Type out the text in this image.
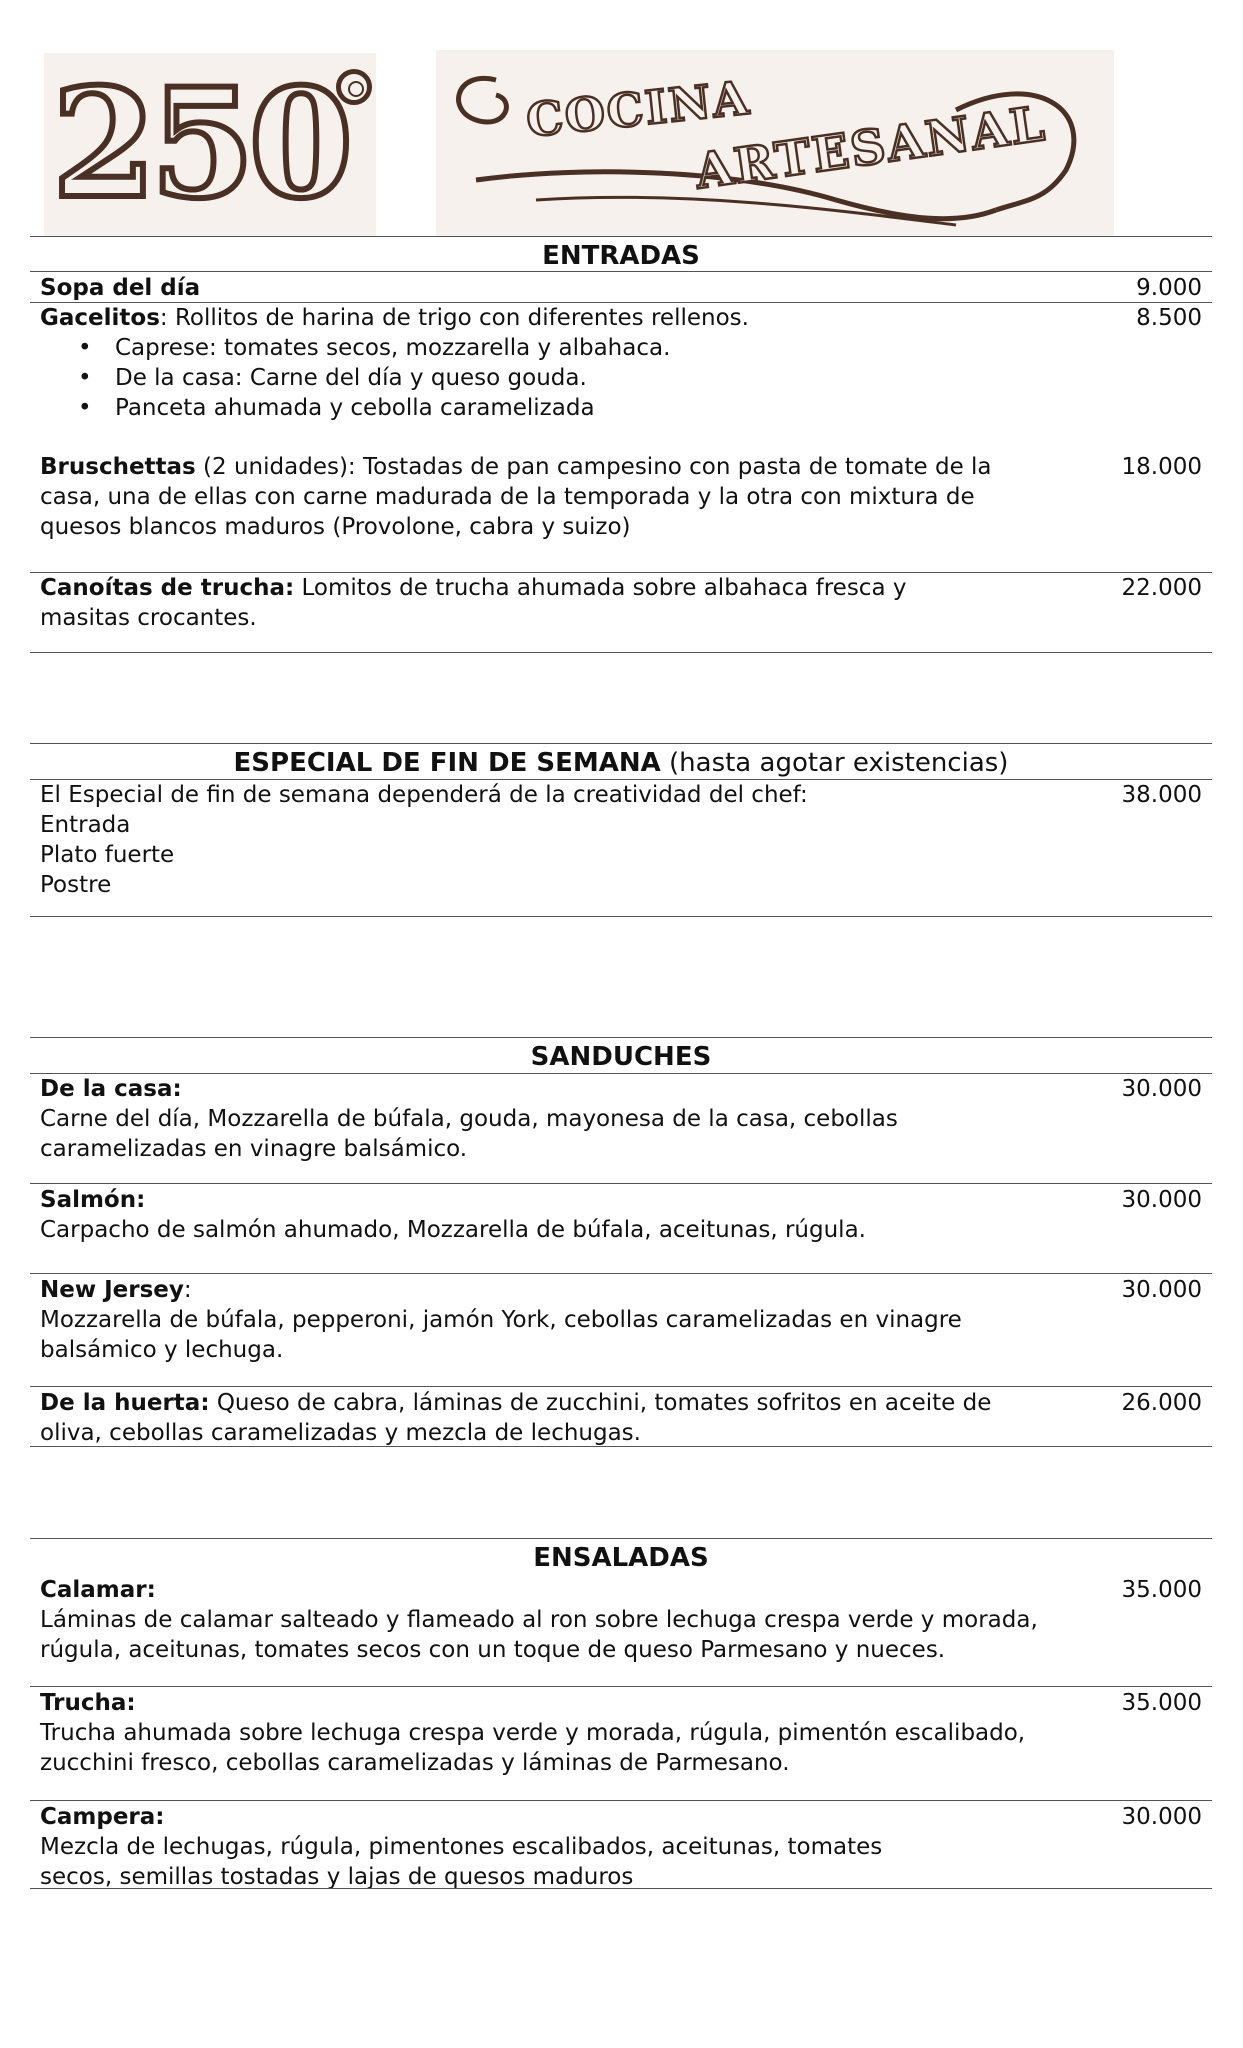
250	COCINA
ARTESANAL
ENTRADAS
Sopa del día	9.000
Gacelitos: Rollitos de harina de trigo con diferentes rellenos.
• Caprese: tomates secos, mozzarella y albahaca.
• De la casa: Carne del día y queso gouda.
• Panceta ahumada y cebolla caramelizada
8.500
Bruschettas (2 unidades): Tostadas de pan campesino con pasta de tomate de la casa, una de ellas con carne madurada de la temporada y la otra con mixtura de quesos blancos maduros (Provolone, cabra y suizo)
18.000
Canoítas de trucha: Lomitos de trucha ahumada sobre albahaca fresca y masitas crocantes.
22.000
ESPECIAL DE FIN DE SEMANA (hasta agotar existencias)
El Especial de fin de semana dependerá de la creatividad del chef:
Entrada
Plato fuerte
Postre
38.000
SANDUCHES
De la casa:
Carne del día, Mozzarella de búfala, gouda, mayonesa de la casa, cebollas caramelizadas en vinagre balsámico.
30.000
Salmón:
Carpacho de salmón ahumado, Mozzarella de búfala, aceitunas, rúgula.
30.000
New Jersey:
Mozzarella de búfala, pepperoni, jamón York, cebollas caramelizadas en vinagre balsámico y lechuga.
30.000
De la huerta: Queso de cabra, láminas de zucchini, tomates sofritos en aceite de oliva, cebollas caramelizadas y mezcla de lechugas.
26.000
ENSALADAS
Calamar:
Láminas de calamar salteado y flameado al ron sobre lechuga crespa verde y morada, rúgula, aceitunas, tomates secos con un toque de queso Parmesano y nueces.
35.000
Trucha:
Trucha ahumada sobre lechuga crespa verde y morada, rúgula, pimentón escalibado, zucchini fresco, cebollas caramelizadas y láminas de Parmesano.
35.000
Campera:
Mezcla de lechugas, rúgula, pimentones escalibados, aceitunas, tomates secos, semillas tostadas y lajas de quesos maduros
30.000
